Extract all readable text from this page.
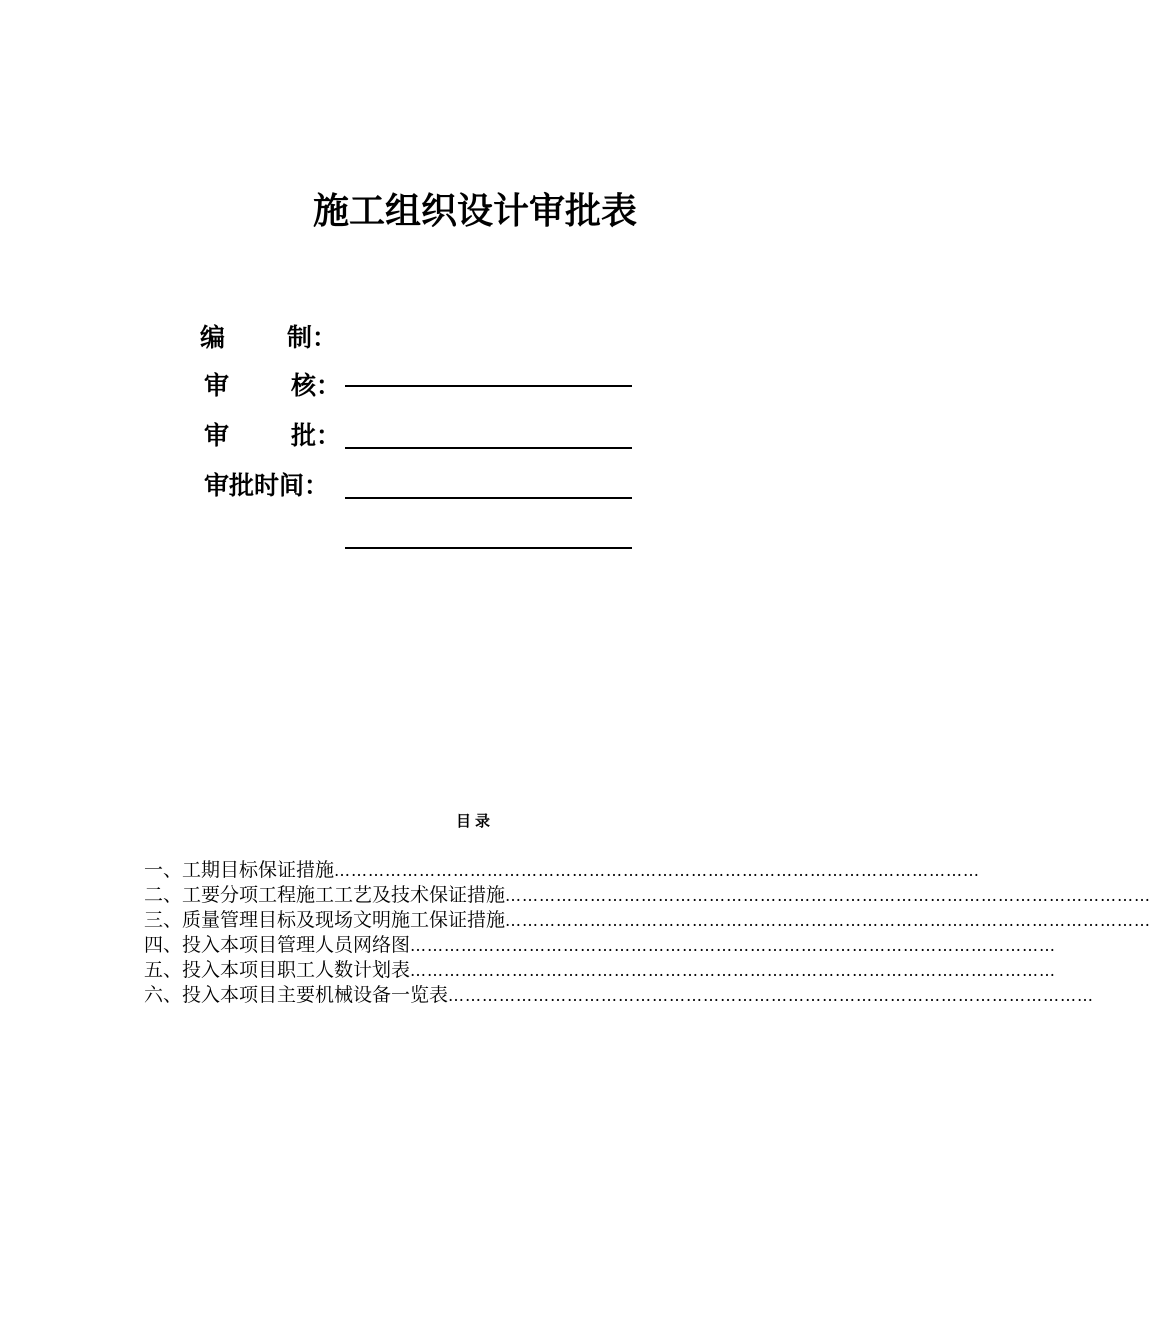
施工组织设计审批表
编 制：
审 核：
审 批：
审批时间：
目录
一、工期目标保证措施 ……………………………………………………………………………………………………
二、工要分项工程施工工艺及技术保证措施 ……………………………………………………………………………………………………
三、质量管理目标及现场文明施工保证措施 ……………………………………………………………………………………………………
四、投入本项目管理人员网络图 ……………………………………………………………………………………………………
五、投入本项目职工人数计划表 ……………………………………………………………………………………………………
六、投入本项目主要机械设备一览表 ……………………………………………………………………………………………………
